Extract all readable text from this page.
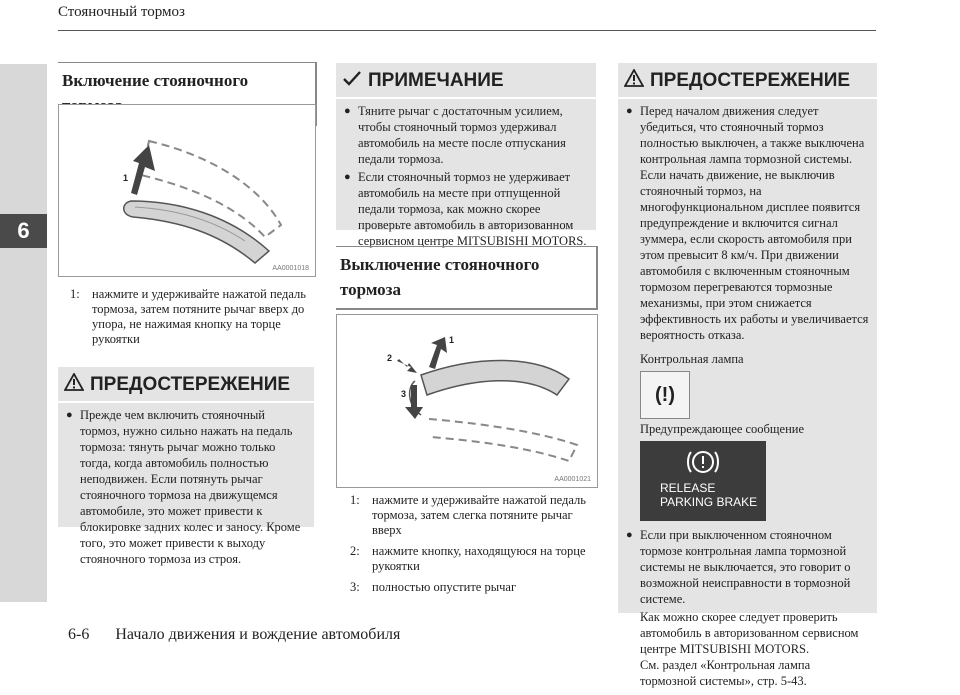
Стояночный тормоз
6
Включение стояночного
1
AA0001018
1: нажмите и удерживайте нажатой педаль тормоза, затем потяните рычаг вверх до упора, не нажимая кнопку на торце рукоятки
ПРЕДОСТЕРЕЖЕНИЕ
● Прежде чем включить стояночный тормоз, нужно сильно нажать на педаль тормоза: тянуть рычаг можно только тогда, когда автомобиль полностью неподвижен. Если потянуть рычаг стояночного тормоза на движущемся автомобиле, это может привести к блокировке задних колес и заносу. Кроме того, это может привести к выходу стояночного тормоза из строя.
ПРИМЕЧАНИЕ
● Тяните рычаг с достаточным усилием, чтобы стояночный тормоз удерживал автомобиль на месте после отпускания педали тормоза.
● Если стояночный тормоз не удерживает автомобиль на месте при отпущенной педали тормоза, как можно скорее проверьте автомобиль в авторизованном сервисном центре MITSUBISHI MOTORS.
Выключение стояночного тормоза
1
2
3
AA0001021
1: нажмите и удерживайте нажатой педаль тормоза, затем слегка потяните рычаг вверх
2: нажмите кнопку, находящуюся на торце рукоятки
3: полностью опустите рычаг
ПРЕДОСТЕРЕЖЕНИЕ
● Перед началом движения следует убедиться, что стояночный тормоз полностью выключен, а также выключена контрольная лампа тормозной системы. Если начать движение, не выключив стояночный тормоз, на многофункциональном дисплее появится предупреждение и включится сигнал зуммера, если скорость автомобиля при этом превысит 8 км/ч. При движении автомобиля с включенным стояночным тормозом перегреваются тормозные механизмы, при этом снижается эффективность их работы и увеличивается вероятность отказа.
Контрольная лампа
(!)
Предупреждающее сообщение
RELEASE
PARKING BRAKE
● Если при выключенном стояночном тормозе контрольная лампа тормозной системы не выключается, это говорит о возможной неисправности в тормозной системе.
Как можно скорее следует проверить автомобиль в авторизованном сервисном центре MITSUBISHI MOTORS.
См. раздел «Контрольная лампа тормозной системы», стр. 5-43.
6-6 Начало движения и вождение автомобиля
